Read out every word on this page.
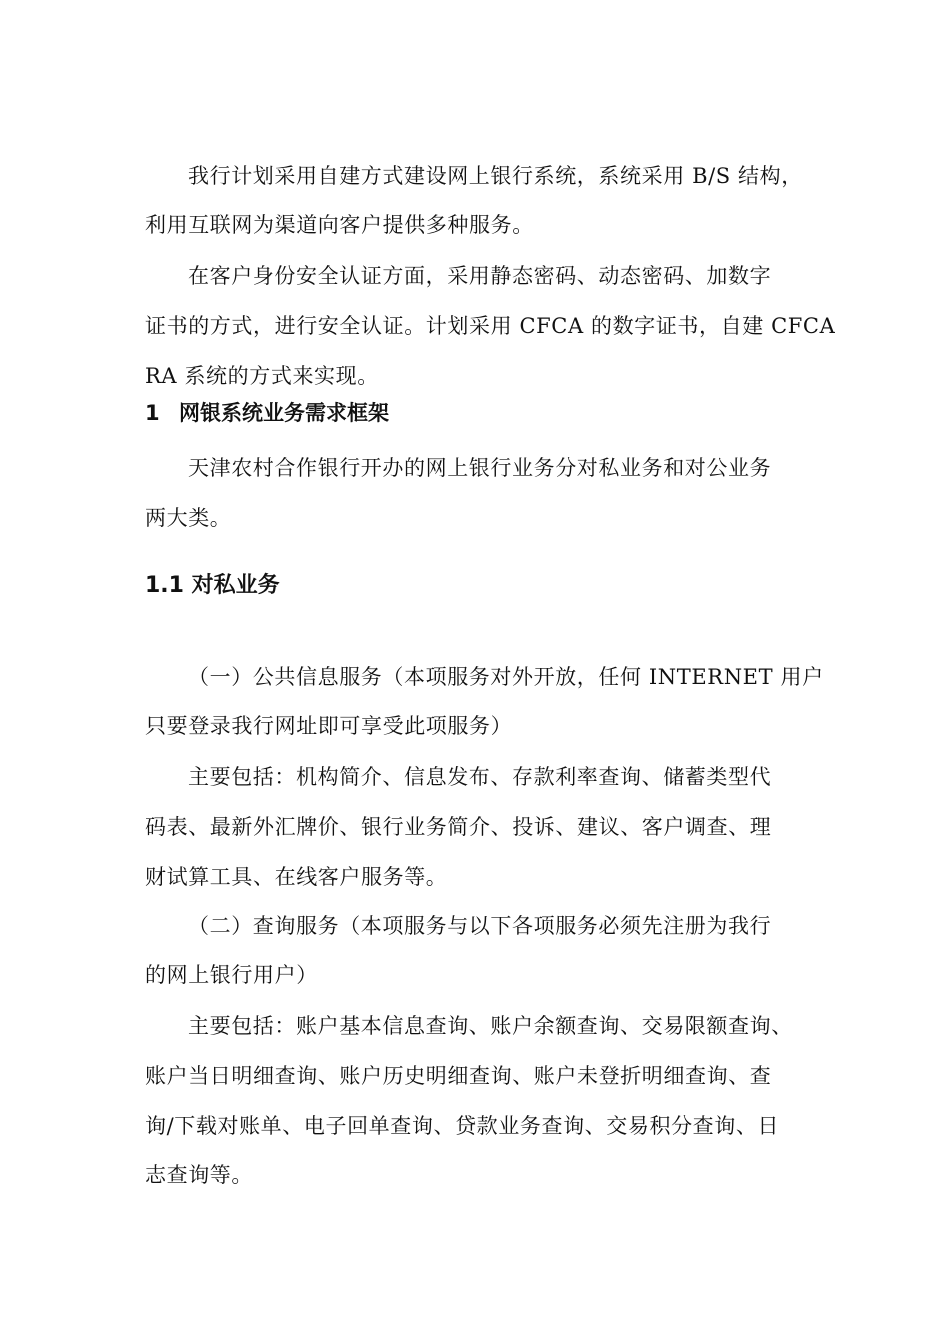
我行计划采用自建方式建设网上银行系统，系统采用 B/S 结构，
利用互联网为渠道向客户提供多种服务。
在客户身份安全认证方面，采用静态密码、动态密码、加数字
证书的方式，进行安全认证。计划采用 CFCA 的数字证书，自建 CFCA
RA 系统的方式来实现。
1 网银系统业务需求框架
天津农村合作银行开办的网上银行业务分对私业务和对公业务
两大类。
1.1 对私业务
（一）公共信息服务（本项服务对外开放，任何 INTERNET 用户
只要登录我行网址即可享受此项服务）
主要包括：机构简介、信息发布、存款利率查询、储蓄类型代
码表、最新外汇牌价、银行业务简介、投诉、建议、客户调查、理
财试算工具、在线客户服务等。
（二）查询服务（本项服务与以下各项服务必须先注册为我行
的网上银行用户）
主要包括：账户基本信息查询、账户余额查询、交易限额查询、
账户当日明细查询、账户历史明细查询、账户未登折明细查询、查
询/下载对账单、电子回单查询、贷款业务查询、交易积分查询、日
志查询等。
